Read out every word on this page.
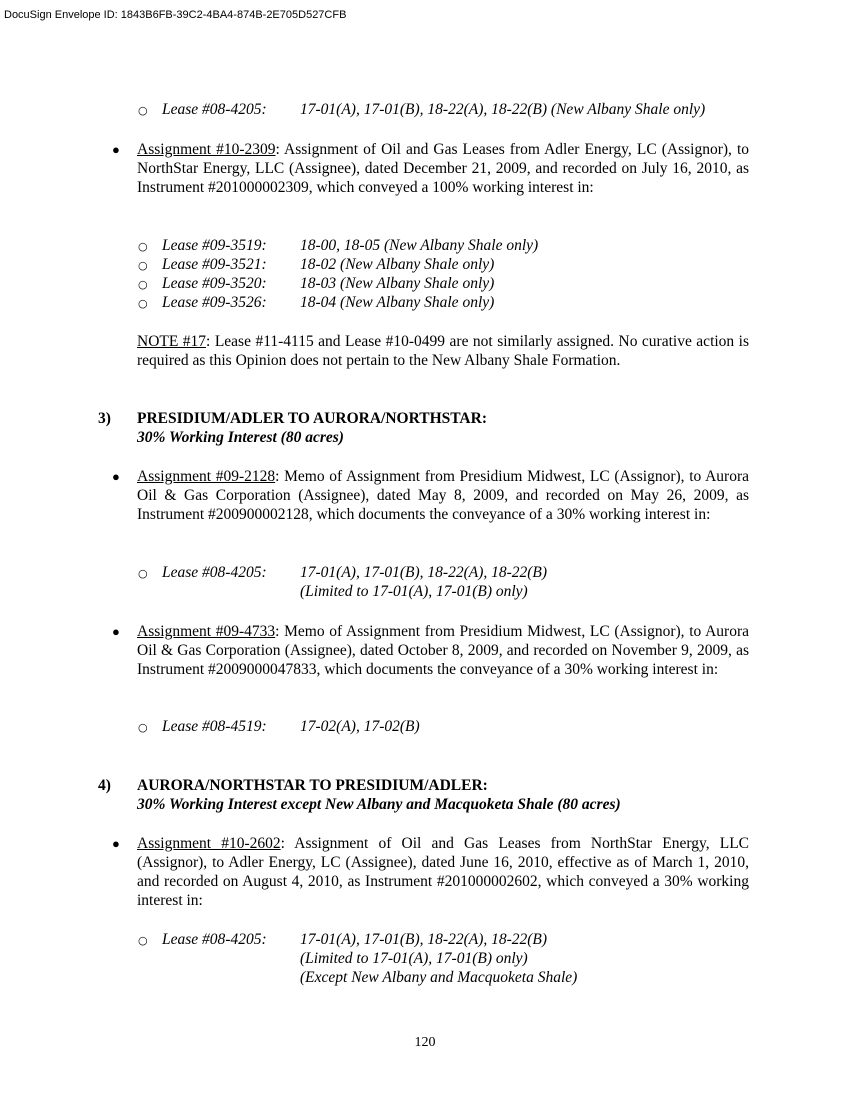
DocuSign Envelope ID: 1843B6FB-39C2-4BA4-874B-2E705D527CFB
○ Lease #08-4205: 17-01(A), 17-01(B), 18-22(A), 18-22(B) (New Albany Shale only)
● Assignment #10-2309: Assignment of Oil and Gas Leases from Adler Energy, LC (Assignor), to NorthStar Energy, LLC (Assignee), dated December 21, 2009, and recorded on July 16, 2010, as Instrument #201000002309, which conveyed a 100% working interest in:
○ Lease #09-3519: 18-00, 18-05 (New Albany Shale only)
○ Lease #09-3521: 18-02 (New Albany Shale only)
○ Lease #09-3520: 18-03 (New Albany Shale only)
○ Lease #09-3526: 18-04 (New Albany Shale only)
NOTE #17: Lease #11-4115 and Lease #10-0499 are not similarly assigned. No curative action is required as this Opinion does not pertain to the New Albany Shale Formation.
3) PRESIDIUM/ADLER TO AURORA/NORTHSTAR:
30% Working Interest (80 acres)
● Assignment #09-2128: Memo of Assignment from Presidium Midwest, LC (Assignor), to Aurora Oil & Gas Corporation (Assignee), dated May 8, 2009, and recorded on May 26, 2009, as Instrument #200900002128, which documents the conveyance of a 30% working interest in:
○ Lease #08-4205: 17-01(A), 17-01(B), 18-22(A), 18-22(B)
(Limited to 17-01(A), 17-01(B) only)
● Assignment #09-4733: Memo of Assignment from Presidium Midwest, LC (Assignor), to Aurora Oil & Gas Corporation (Assignee), dated October 8, 2009, and recorded on November 9, 2009, as Instrument #2009000047833, which documents the conveyance of a 30% working interest in:
○ Lease #08-4519: 17-02(A), 17-02(B)
4) AURORA/NORTHSTAR TO PRESIDIUM/ADLER:
30% Working Interest except New Albany and Macquoketa Shale (80 acres)
● Assignment #10-2602: Assignment of Oil and Gas Leases from NorthStar Energy, LLC (Assignor), to Adler Energy, LC (Assignee), dated June 16, 2010, effective as of March 1, 2010, and recorded on August 4, 2010, as Instrument #201000002602, which conveyed a 30% working interest in:
○ Lease #08-4205: 17-01(A), 17-01(B), 18-22(A), 18-22(B)
(Limited to 17-01(A), 17-01(B) only)
(Except New Albany and Macquoketa Shale)
120
